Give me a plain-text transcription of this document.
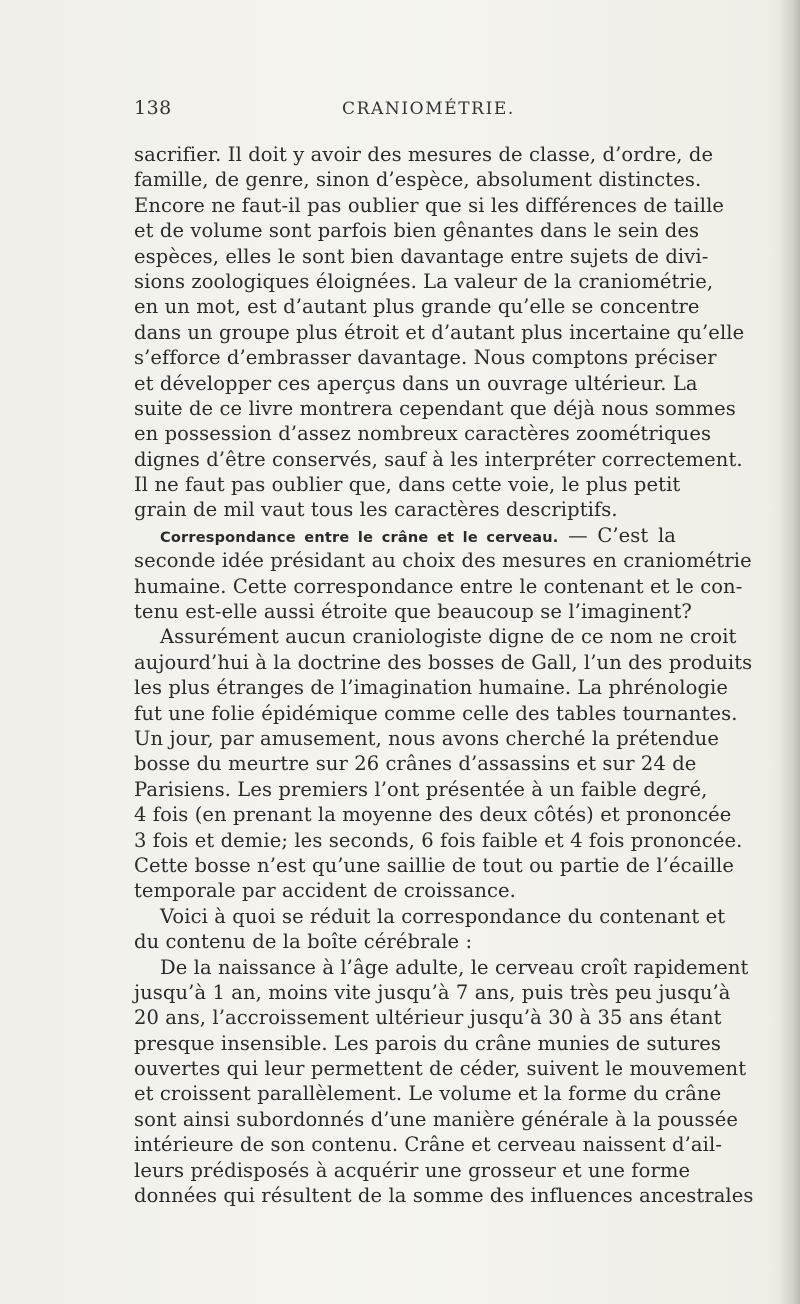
138	CRANIOMÉTRIE.
sacrifier. Il doit y avoir des mesures de classe, d’ordre, de
famille, de genre, sinon d’espèce, absolument distinctes.
Encore ne faut-il pas oublier que si les différences de taille
et de volume sont parfois bien gênantes dans le sein des
espèces, elles le sont bien davantage entre sujets de divi-
sions zoologiques éloignées. La valeur de la craniométrie,
en un mot, est d’autant plus grande qu’elle se concentre
dans un groupe plus étroit et d’autant plus incertaine qu’elle
s’efforce d’embrasser davantage. Nous comptons préciser
et développer ces aperçus dans un ouvrage ultérieur. La
suite de ce livre montrera cependant que déjà nous sommes
en possession d’assez nombreux caractères zoométriques
dignes d’être conservés, sauf à les interpréter correctement.
Il ne faut pas oublier que, dans cette voie, le plus petit
grain de mil vaut tous les caractères descriptifs.
Correspondance entre le crâne et le cerveau. — C’est la
seconde idée présidant au choix des mesures en craniométrie
humaine. Cette correspondance entre le contenant et le con-
tenu est-elle aussi étroite que beaucoup se l’imaginent?
Assurément aucun craniologiste digne de ce nom ne croit
aujourd’hui à la doctrine des bosses de Gall, l’un des produits
les plus étranges de l’imagination humaine. La phrénologie
fut une folie épidémique comme celle des tables tournantes.
Un jour, par amusement, nous avons cherché la prétendue
bosse du meurtre sur 26 crânes d’assassins et sur 24 de
Parisiens. Les premiers l’ont présentée à un faible degré,
4 fois (en prenant la moyenne des deux côtés) et prononcée
3 fois et demie; les seconds, 6 fois faible et 4 fois prononcée.
Cette bosse n’est qu’une saillie de tout ou partie de l’écaille
temporale par accident de croissance.
Voici à quoi se réduit la correspondance du contenant et
du contenu de la boîte cérébrale :
De la naissance à l’âge adulte, le cerveau croît rapidement
jusqu’à 1 an, moins vite jusqu’à 7 ans, puis très peu jusqu’à
20 ans, l’accroissement ultérieur jusqu’à 30 à 35 ans étant
presque insensible. Les parois du crâne munies de sutures
ouvertes qui leur permettent de céder, suivent le mouvement
et croissent parallèlement. Le volume et la forme du crâne
sont ainsi subordonnés d’une manière générale à la poussée
intérieure de son contenu. Crâne et cerveau naissent d’ail-
leurs prédisposés à acquérir une grosseur et une forme
données qui résultent de la somme des influences ancestrales
